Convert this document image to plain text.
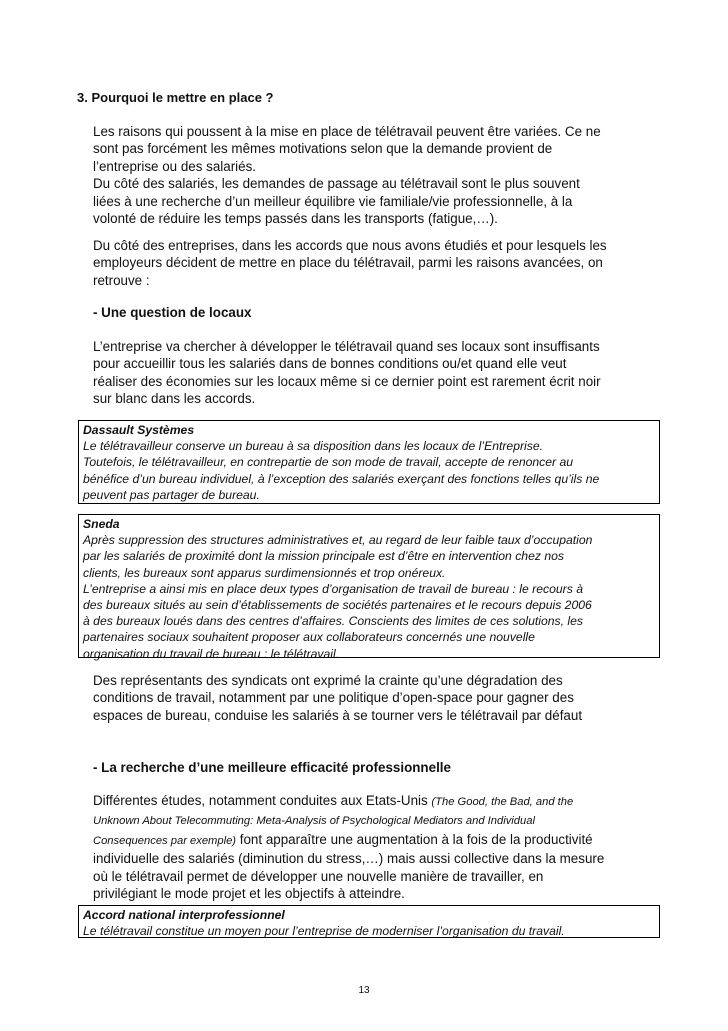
3. Pourquoi le mettre en place ?
Les raisons qui poussent à la mise en place de télétravail peuvent être variées. Ce ne
sont pas forcément les mêmes motivations selon que la demande provient de
l’entreprise ou des salariés.
Du côté des salariés, les demandes de passage au télétravail sont le plus souvent
liées à une recherche d’un meilleur équilibre vie familiale/vie professionnelle, à la
volonté de réduire les temps passés dans les transports (fatigue,…).
Du côté des entreprises, dans les accords que nous avons étudiés et pour lesquels les
employeurs décident de mettre en place du télétravail, parmi les raisons avancées, on
retrouve :
- Une question de locaux
L’entreprise va chercher à développer le télétravail quand ses locaux sont insuffisants
pour accueillir tous les salariés dans de bonnes conditions ou/et quand elle veut
réaliser des économies sur les locaux même si ce dernier point est rarement écrit noir
sur blanc dans les accords.
Dassault Systèmes
Le télétravailleur conserve un bureau à sa disposition dans les locaux de l’Entreprise.
Toutefois, le télétravailleur, en contrepartie de son mode de travail, accepte de renoncer au
bénéfice d’un bureau individuel, à l’exception des salariés exerçant des fonctions telles qu’ils ne
peuvent pas partager de bureau.
Sneda
Après suppression des structures administratives et, au regard de leur faible taux d’occupation
par les salariés de proximité dont la mission principale est d’être en intervention chez nos
clients, les bureaux sont apparus surdimensionnés et trop onéreux.
L’entreprise a ainsi mis en place deux types d’organisation de travail de bureau : le recours à
des bureaux situés au sein d’établissements de sociétés partenaires et le recours depuis 2006
à des bureaux loués dans des centres d’affaires. Conscients des limites de ces solutions, les
partenaires sociaux souhaitent proposer aux collaborateurs concernés une nouvelle
organisation du travail de bureau : le télétravail.
Des représentants des syndicats ont exprimé la crainte qu’une dégradation des
conditions de travail, notamment par une politique d’open-space pour gagner des
espaces de bureau, conduise les salariés à se tourner vers le télétravail par défaut
- La recherche d’une meilleure efficacité professionnelle
Différentes études, notamment conduites aux Etats-Unis (The Good, the Bad, and the
Unknown About Telecommuting: Meta-Analysis of Psychological Mediators and Individual
Consequences par exemple) font apparaître une augmentation à la fois de la productivité
individuelle des salariés (diminution du stress,…) mais aussi collective dans la mesure
où le télétravail permet de développer une nouvelle manière de travailler, en
privilégiant le mode projet et les objectifs à atteindre.
Accord national interprofessionnel
Le télétravail constitue un moyen pour l’entreprise de moderniser l’organisation du travail.
13
